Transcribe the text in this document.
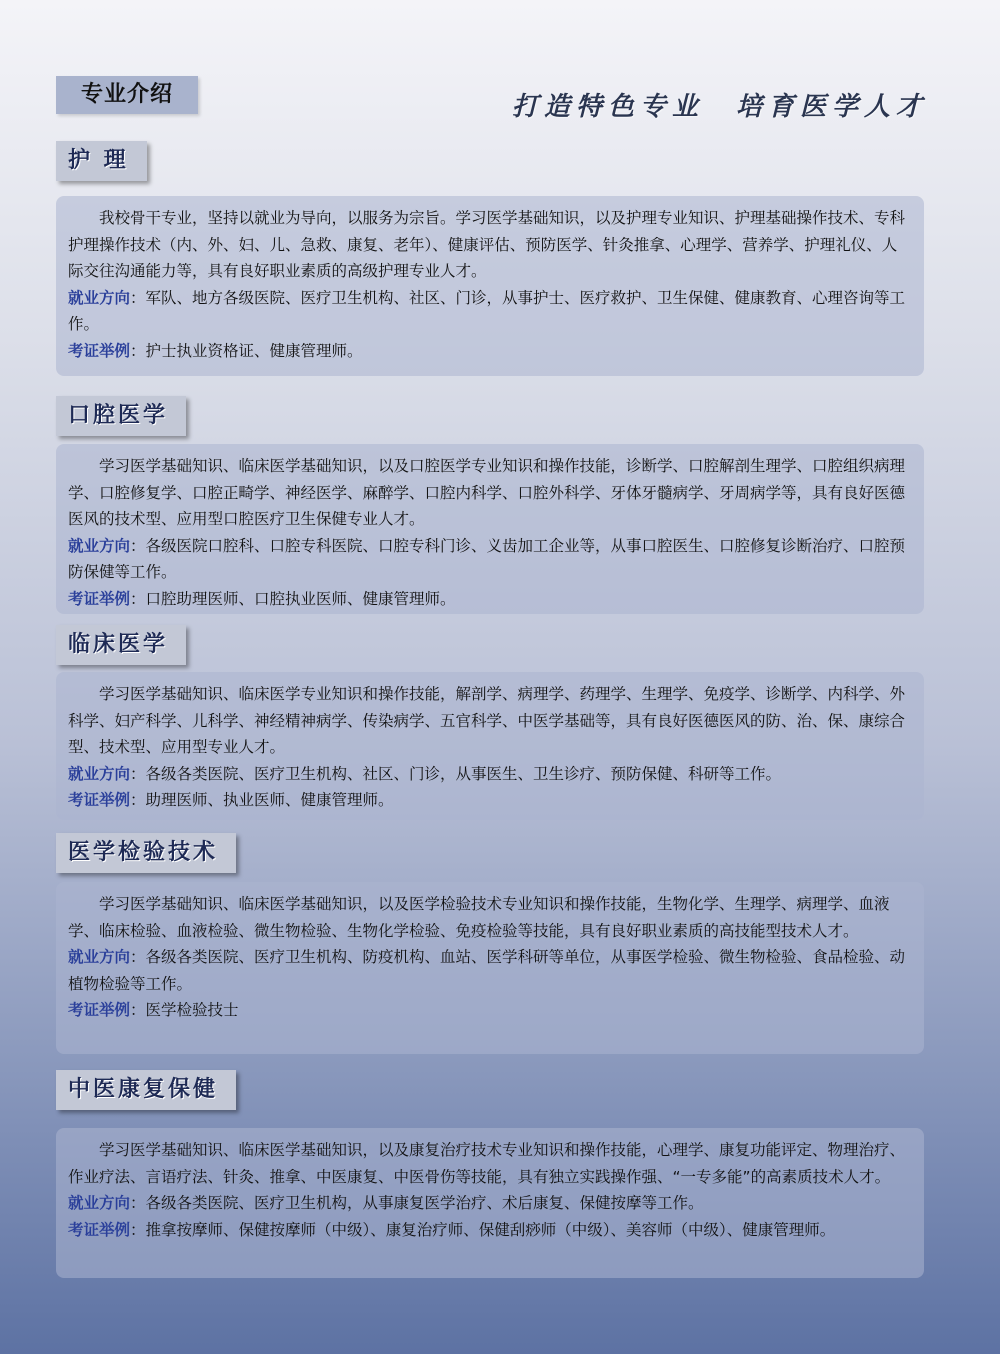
专业介绍	打造特色专业　培育医学人才
护 理

我校骨干专业，坚持以就业为导向，以服务为宗旨。学习医学基础知识，以及护理专业知识、护理基础操作技术、专科护理操作技术（内、外、妇、儿、急救、康复、老年）、健康评估、预防医学、针灸推拿、心理学、营养学、护理礼仪、人际交往沟通能力等，具有良好职业素质的高级护理专业人才。

就业方向：军队、地方各级医院、医疗卫生机构、社区、门诊，从事护士、医疗救护、卫生保健、健康教育、心理咨询等工作。

考证举例：护士执业资格证、健康管理师。

口腔医学

学习医学基础知识、临床医学基础知识，以及口腔医学专业知识和操作技能，诊断学、口腔解剖生理学、口腔组织病理学、口腔修复学、口腔正畸学、神经医学、麻醉学、口腔内科学、口腔外科学、牙体牙髓病学、牙周病学等，具有良好医德医风的技术型、应用型口腔医疗卫生保健专业人才。

就业方向：各级医院口腔科、口腔专科医院、口腔专科门诊、义齿加工企业等，从事口腔医生、口腔修复诊断治疗、口腔预防保健等工作。

考证举例：口腔助理医师、口腔执业医师、健康管理师。

临床医学

学习医学基础知识、临床医学专业知识和操作技能，解剖学、病理学、药理学、生理学、免疫学、诊断学、内科学、外科学、妇产科学、儿科学、神经精神病学、传染病学、五官科学、中医学基础等，具有良好医德医风的防、治、保、康综合型、技术型、应用型专业人才。

就业方向：各级各类医院、医疗卫生机构、社区、门诊，从事医生、卫生诊疗、预防保健、科研等工作。

考证举例：助理医师、执业医师、健康管理师。

医学检验技术

学习医学基础知识、临床医学基础知识，以及医学检验技术专业知识和操作技能，生物化学、生理学、病理学、血液学、临床检验、血液检验、微生物检验、生物化学检验、免疫检验等技能，具有良好职业素质的高技能型技术人才。

就业方向：各级各类医院、医疗卫生机构、防疫机构、血站、医学科研等单位，从事医学检验、微生物检验、食品检验、动植物检验等工作。

考证举例：医学检验技士

中医康复保健

学习医学基础知识、临床医学基础知识，以及康复治疗技术专业知识和操作技能，心理学、康复功能评定、物理治疗、作业疗法、言语疗法、针灸、推拿、中医康复、中医骨伤等技能，具有独立实践操作强、“一专多能”的高素质技术人才。

就业方向：各级各类医院、医疗卫生机构，从事康复医学治疗、术后康复、保健按摩等工作。

考证举例：推拿按摩师、保健按摩师（中级）、康复治疗师、保健刮痧师（中级）、美容师（中级）、健康管理师。
